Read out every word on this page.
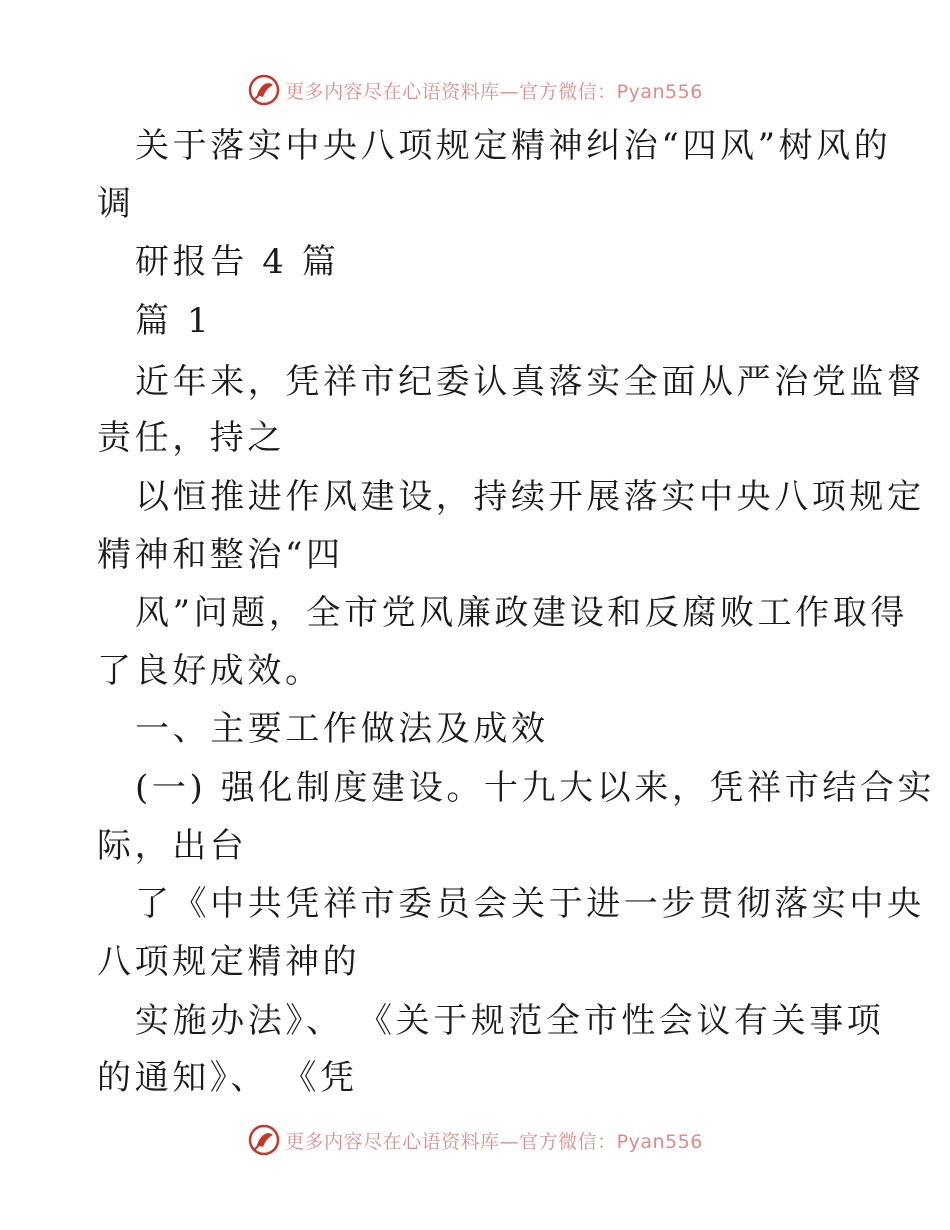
更多内容尽在心语资料库—官方微信：Pyan556
关于落实中央八项规定精神纠治“四风”树风的
调
研报告 4 篇
篇 1
近年来，凭祥市纪委认真落实全面从严治党监督
责任，持之
以恒推进作风建设，持续开展落实中央八项规定
精神和整治“四
风”问题，全市党风廉政建设和反腐败工作取得
了良好成效。
一、主要工作做法及成效
(一) 强化制度建设。十九大以来，凭祥市结合实
际，出台
了《中共凭祥市委员会关于进一步贯彻落实中央
八项规定精神的
实施办法》、 《关于规范全市性会议有关事项
的通知》、 《凭
更多内容尽在心语资料库—官方微信：Pyan556
